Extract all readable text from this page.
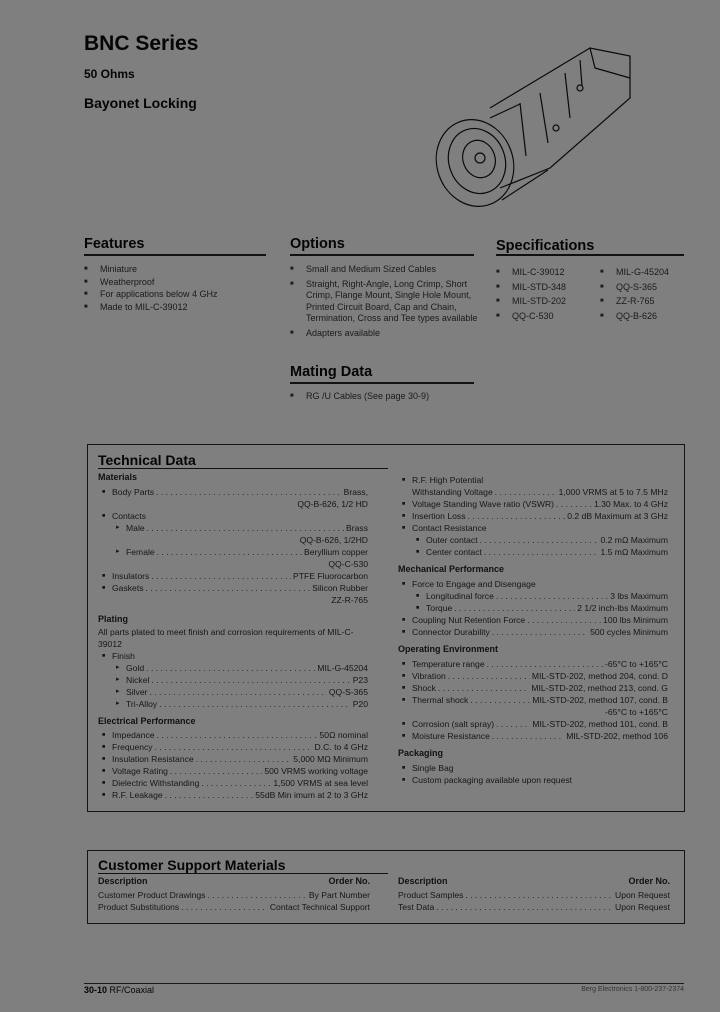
BNC Series
50 Ohms
Bayonet Locking
Features	Options	Specifications
■ Miniature
■ Weatherproof
■ For applications below 4 GHz
■ Made to MIL-C-39012
■ Small and Medium Sized Cables
■ Straight, Right-Angle, Long Crimp, Short Crimp, Flange Mount, Single Hole Mount, Printed Circuit Board, Cap and Chain, Termination, Cross and Tee types available
■ Adapters available
Mating Data
■ RG /U Cables (See page 30-9)
■ MIL-C-39012
■ MIL-STD-348
■ MIL-STD-202
■ QQ-C-530
■ MIL-G-45204
■ QQ-S-365
■ ZZ-R-765
■ QQ-B-626
Technical Data
Materials
■ Body Parts . . .	Brass,
QQ-B-626, 1/2 HD
■ Contacts
▸ Male . . .	Brass
QQ-B-626, 1/2HD
▸ Female . . .	Beryllium copper
QQ-C-530
■ Insulators . . .	PTFE Fluorocarbon
■ Gaskets . . .	Silicon Rubber
ZZ-R-765
Plating
All parts plated to meet finish and corrosion requirements of MIL-C-39012
■ Finish
▸ Gold . . .	MIL-G-45204
▸ Nickel . . .	P23
▸ Silver . . .	QQ-S-365
▸ Tri-Alloy . . .	P20
Electrical Performance
■ Impedance . . .	50Ω nominal
■ Frequency . . .	D.C. to 4 GHz
■ Insulation Resistance . . .	5,000 MΩ Minimum
■ Voltage Rating . . .	500 VRMS working voltage
■ Dielectric Withstanding . . .	1,500 VRMS at sea level
■ R.F. Leakage . . .	55dB Min imum at 2 to 3 GHz
■ R.F. High Potential
Withstanding Voltage . . .	1,000 VRMS at 5 to 7.5 MHz
■ Voltage Standing Wave ratio (VSWR) . . .	1.30 Max. to 4 GHz
■ Insertion Loss . . .	0.2 dB Maximum at 3 GHz
■ Contact Resistance
■ Outer contact . . .	0.2 mΩ Maximum
■ Center contact . . .	1.5 mΩ Maximum
Mechanical Performance
■ Force to Engage and Disengage
■ Longitudinal force . . .	3 lbs Maximum
■ Torque . . .	2 1/2 inch-lbs Maximum
■ Coupling Nut Retention Force . . .	100 lbs Minimum
■ Connector Durability . . .	500 cycles Minimum
Operating Environment
■ Temperature range . . .	-65°C to +165°C
■ Vibration . . .	MIL-STD-202, method 204, cond. D
■ Shock . . .	MIL-STD-202, method 213, cond. G
■ Thermal shock . . .	MIL-STD-202, method 107, cond. B
-65°C to +165°C
■ Corrosion (salt spray) . . .	MIL-STD-202, method 101, cond. B
■ Moisture Resistance . . .	MIL-STD-202, method 106
Packaging
■ Single Bag
■ Custom packaging available upon request
Customer Support Materials
Description	Order No.
Customer Product Drawings . . .	By Part Number
Product Substitutions . . .	Contact Technical Support
Description	Order No.
Product Samples . . .	Upon Request
Test Data . . .	Upon Request
30-10 RF/Coaxial	Berg Electronics 1-800-237-2374
